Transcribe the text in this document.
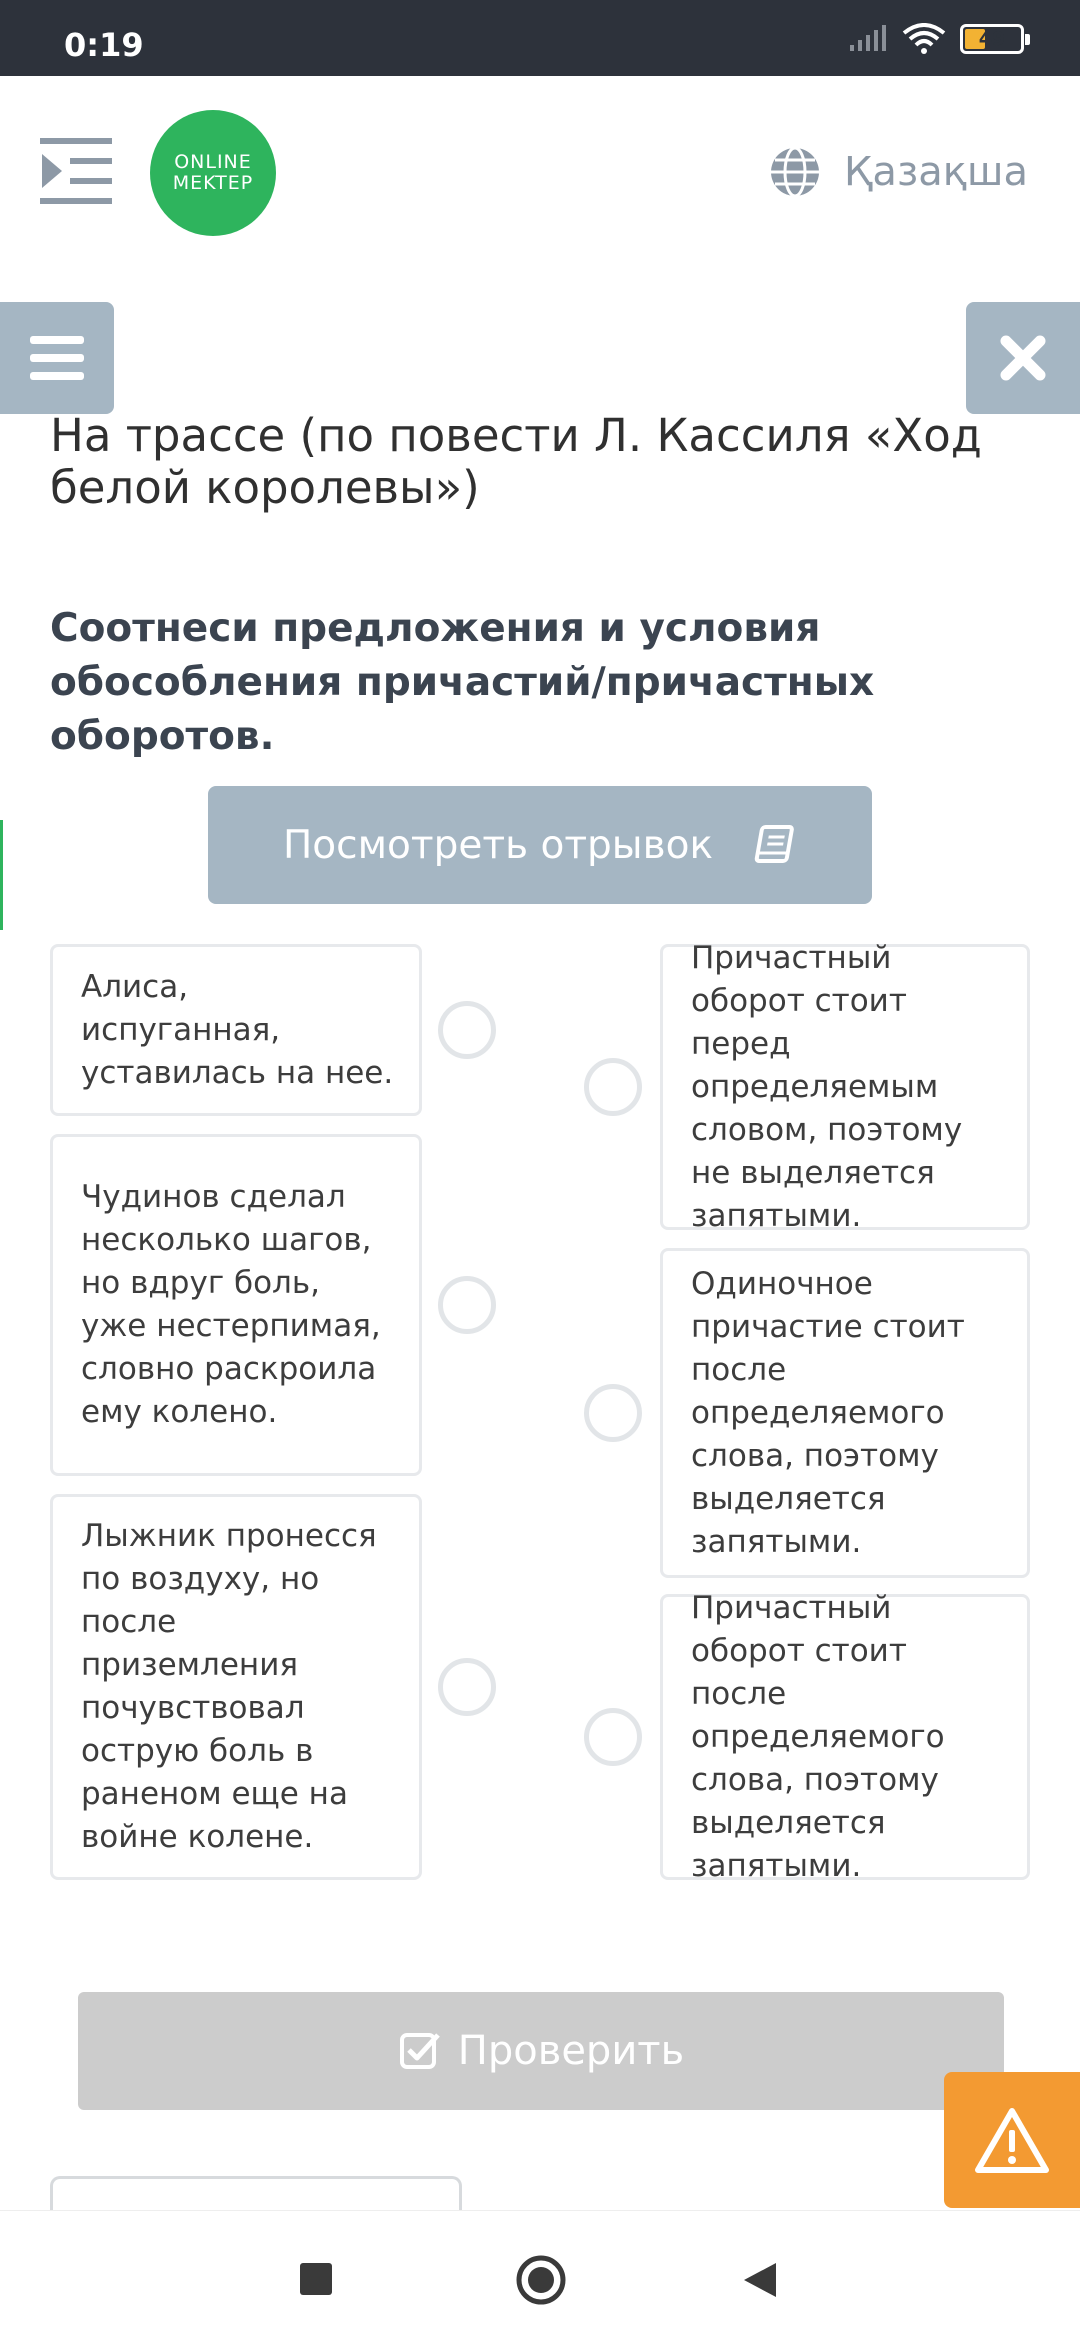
0:19	49
ONLINE
MEKTEP	Қазақша
На трассе (по повести Л. Кассиля «Ход белой королевы»)
Соотнеси предложения и условия обособления причастий/причастных оборотов.
Посмотреть отрывок
Алиса, испуганная, уставилась на нее.
Чудинов сделал несколько шагов, но вдруг боль, уже нестерпимая, словно раскроила ему колено.
Лыжник пронесся по воздуху, но после приземления почувствовал острую боль в раненом еще на войне колене.
Причастный оборот стоит перед определяемым словом, поэтому не выделяется запятыми.
Одиночное причастие стоит после определяемого слова, поэтому выделяется запятыми.
Причастный оборот стоит после определяемого слова, поэтому выделяется запятыми.
Проверить
